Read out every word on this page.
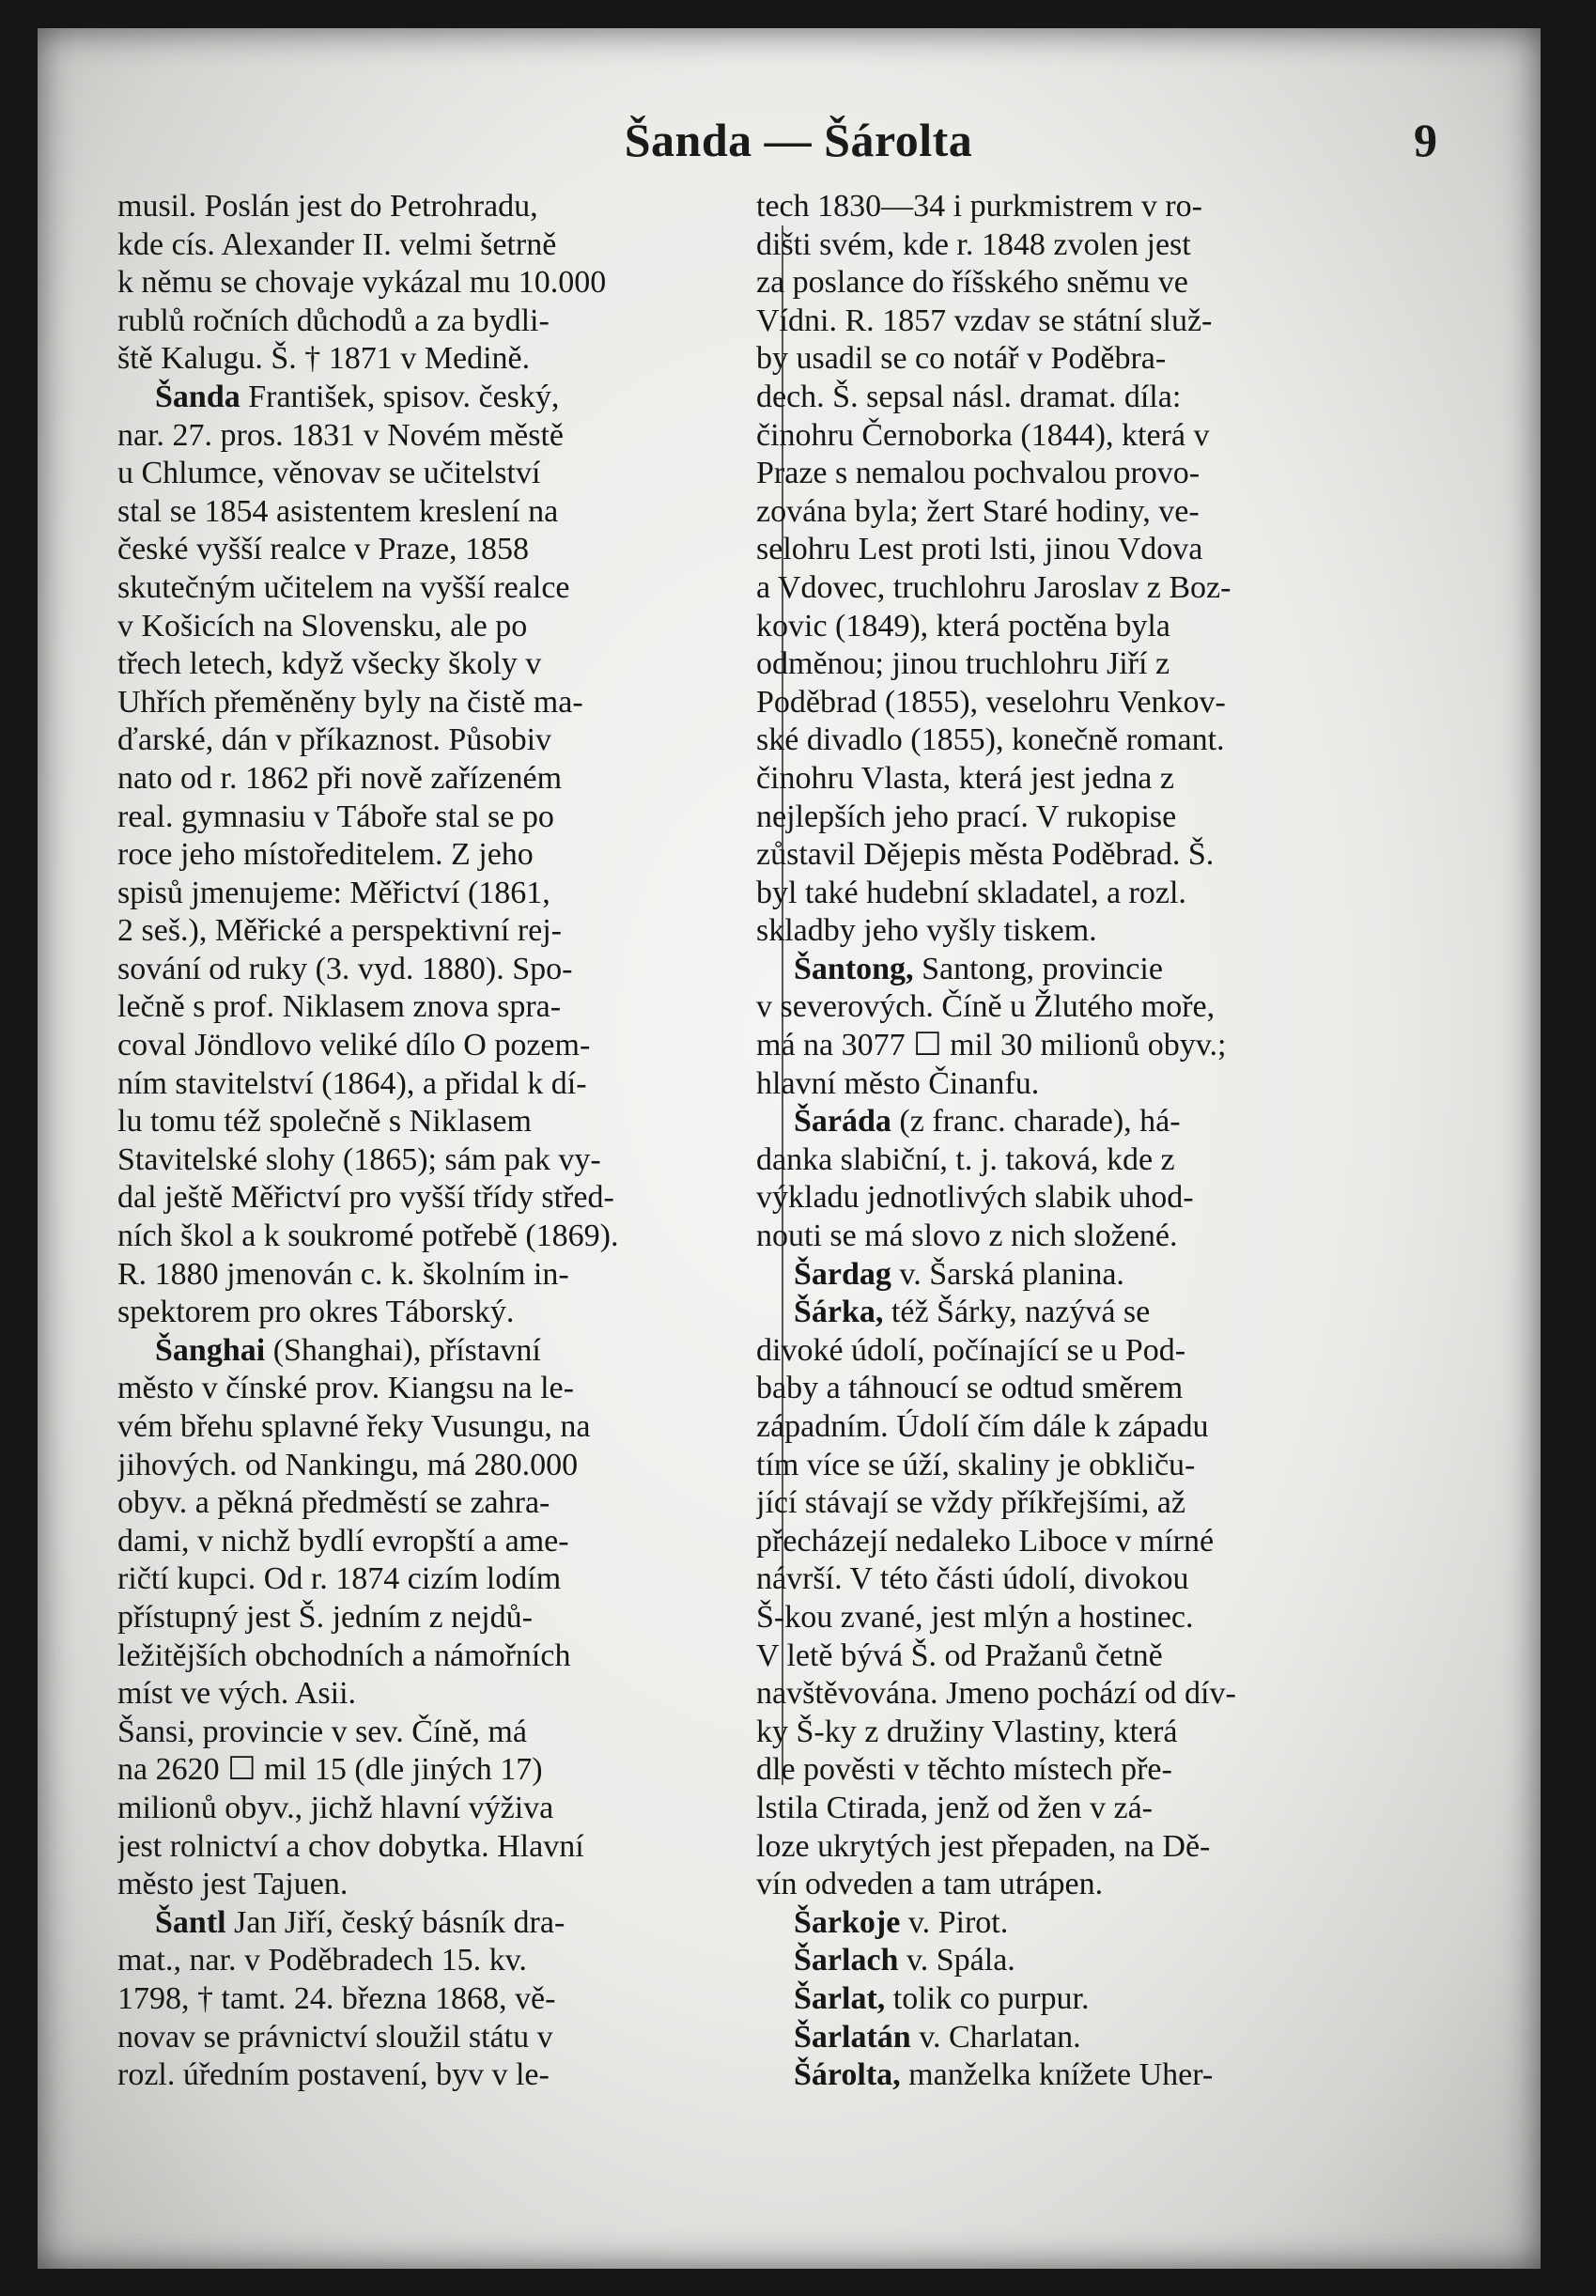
Šanda — Šárolta	9
musil. Poslán jest do Petrohradu,
kde cís. Alexander II. velmi šetrně
k němu se chovaje vykázal mu 10.000
rublů ročních důchodů a za bydli-
ště Kalugu. Š. † 1871 v Medině.
Šanda František, spisov. český,
nar. 27. pros. 1831 v Novém městě
u Chlumce, věnovav se učitelství
stal se 1854 asistentem kreslení na
české vyšší realce v Praze, 1858
skutečným učitelem na vyšší realce
v Košicích na Slovensku, ale po
třech letech, když všecky školy v
Uhřích přeměněny byly na čistě ma-
ďarské, dán v příkaznost. Působiv
nato od r. 1862 při nově zařízeném
real. gymnasiu v Táboře stal se po
roce jeho místoředitelem. Z jeho
spisů jmenujeme: Měřictví (1861,
2 seš.), Měřické a perspektivní rej-
sování od ruky (3. vyd. 1880). Spo-
lečně s prof. Niklasem znova spra-
coval Jöndlovo veliké dílo O pozem-
ním stavitelství (1864), a přidal k dí-
lu tomu též společně s Niklasem
Stavitelské slohy (1865); sám pak vy-
dal ještě Měřictví pro vyšší třídy střed-
ních škol a k soukromé potřebě (1869).
R. 1880 jmenován c. k. školním in-
spektorem pro okres Táborský.
Šanghai (Shanghai), přístavní
město v čínské prov. Kiangsu na le-
vém břehu splavné řeky Vusungu, na
jihových. od Nankingu, má 280.000
obyv. a pěkná předměstí se zahra-
dami, v nichž bydlí evropští a ame-
ričtí kupci. Od r. 1874 cizím lodím
přístupný jest Š. jedním z nejdů-
ležitějších obchodních a námořních
míst ve vých. Asii.
Šansi, provincie v sev. Číně, má
na 2620 ☐ mil 15 (dle jiných 17)
milionů obyv., jichž hlavní výživa
jest rolnictví a chov dobytka. Hlavní
město jest Tajuen.
Šantl Jan Jiří, český básník dra-
mat., nar. v Poděbradech 15. kv.
1798, † tamt. 24. března 1868, vě-
novav se právnictví sloužil státu v
rozl. úředním postavení, byv v le-
tech 1830—34 i purkmistrem v ro-
dišti svém, kde r. 1848 zvolen jest
za poslance do říšského sněmu ve
Vídni. R. 1857 vzdav se státní služ-
by usadil se co notář v Poděbra-
dech. Š. sepsal násl. dramat. díla:
činohru Černoborka (1844), která v
Praze s nemalou pochvalou provo-
zována byla; žert Staré hodiny, ve-
selohru Lest proti lsti, jinou Vdova
a Vdovec, truchlohru Jaroslav z Boz-
kovic (1849), která poctěna byla
odměnou; jinou truchlohru Jiří z
Poděbrad (1855), veselohru Venkov-
ské divadlo (1855), konečně romant.
činohru Vlasta, která jest jedna z
nejlepších jeho prací. V rukopise
zůstavil Dějepis města Poděbrad. Š.
byl také hudební skladatel, a rozl.
skladby jeho vyšly tiskem.
Šantong, Santong, provincie
v severových. Číně u Žlutého moře,
má na 3077 ☐ mil 30 milionů obyv.;
hlavní město Činanfu.
Šaráda (z franc. charade), há-
danka slabiční, t. j. taková, kde z
výkladu jednotlivých slabik uhod-
nouti se má slovo z nich složené.
Šardag v. Šarská planina.
Šárka, též Šárky, nazývá se
divoké údolí, počínající se u Pod-
baby a táhnoucí se odtud směrem
západním. Údolí čím dále k západu
tím více se úží, skaliny je obkliču-
jící stávají se vždy příkřejšími, až
přecházejí nedaleko Liboce v mírné
návrší. V této části údolí, divokou
Š-kou zvané, jest mlýn a hostinec.
V letě bývá Š. od Pražanů četně
navštěvována. Jmeno pochází od dív-
ky Š-ky z družiny Vlastiny, která
dle pověsti v těchto místech pře-
lstila Ctirada, jenž od žen v zá-
loze ukrytých jest přepaden, na Dě-
vín odveden a tam utrápen.
Šarkoje v. Pirot.
Šarlach v. Spála.
Šarlat, tolik co purpur.
Šarlatán v. Charlatan.
Šárolta, manželka knížete Uher-
